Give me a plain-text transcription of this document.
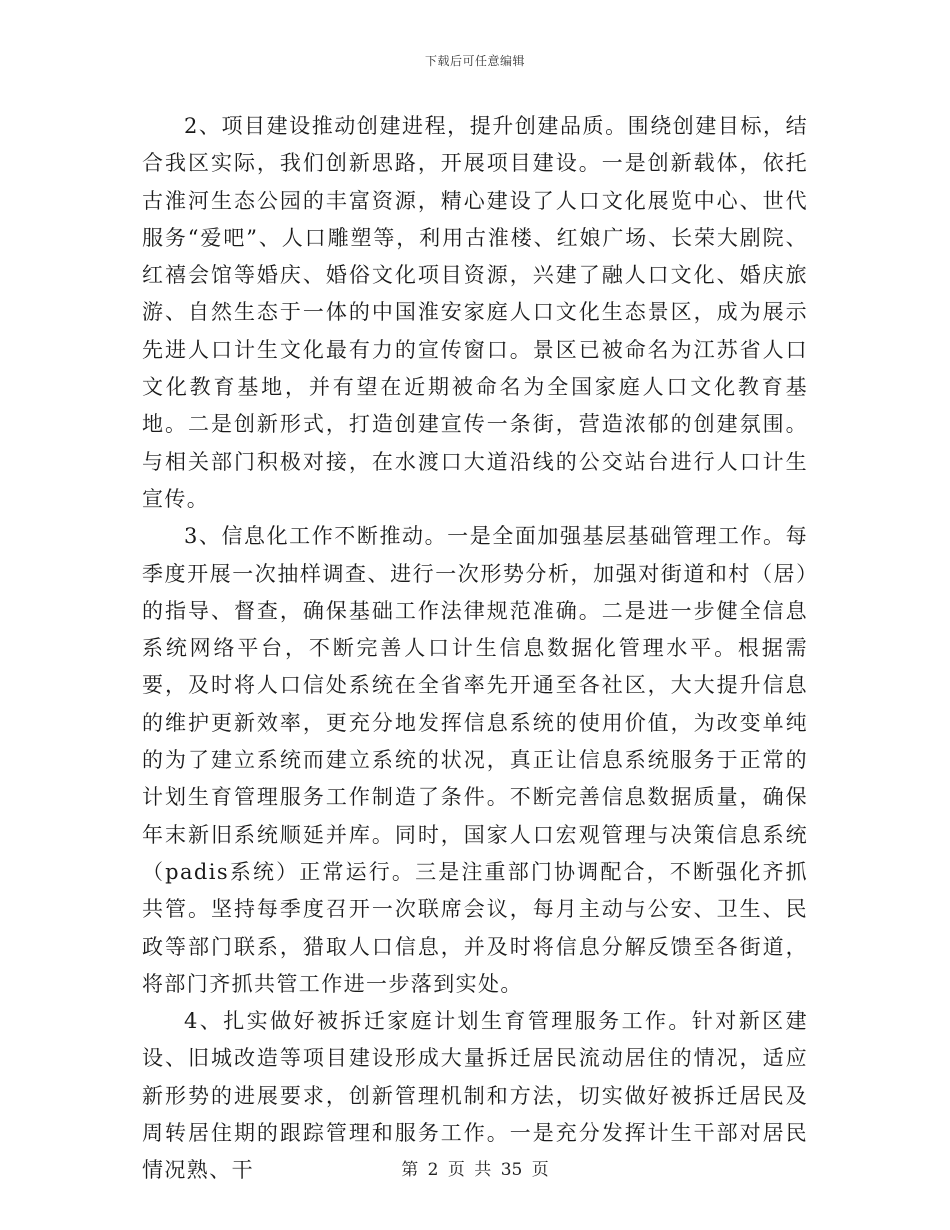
下载后可任意编辑

2、项目建设推动创建进程，提升创建品质。围绕创建目标，结合我区实际，我们创新思路，开展项目建设。一是创新载体，依托古淮河生态公园的丰富资源，精心建设了人口文化展览中心、世代服务“爱吧”、人口雕塑等，利用古淮楼、红娘广场、长荣大剧院、红禧会馆等婚庆、婚俗文化项目资源，兴建了融人口文化、婚庆旅游、自然生态于一体的中国淮安家庭人口文化生态景区，成为展示先进人口计生文化最有力的宣传窗口。景区已被命名为江苏省人口文化教育基地，并有望在近期被命名为全国家庭人口文化教育基地。二是创新形式，打造创建宣传一条街，营造浓郁的创建氛围。与相关部门积极对接，在水渡口大道沿线的公交站台进行人口计生宣传。

3、信息化工作不断推动。一是全面加强基层基础管理工作。每季度开展一次抽样调查、进行一次形势分析，加强对街道和村（居）的指导、督查，确保基础工作法律规范准确。二是进一步健全信息系统网络平台，不断完善人口计生信息数据化管理水平。根据需要，及时将人口信处系统在全省率先开通至各社区，大大提升信息的维护更新效率，更充分地发挥信息系统的使用价值，为改变单纯的为了建立系统而建立系统的状况，真正让信息系统服务于正常的计划生育管理服务工作制造了条件。不断完善信息数据质量，确保年末新旧系统顺延并库。同时，国家人口宏观管理与决策信息系统（padis系统）正常运行。三是注重部门协调配合，不断强化齐抓共管。坚持每季度召开一次联席会议，每月主动与公安、卫生、民政等部门联系，猎取人口信息，并及时将信息分解反馈至各街道，将部门齐抓共管工作进一步落到实处。

4、扎实做好被拆迁家庭计划生育管理服务工作。针对新区建设、旧城改造等项目建设形成大量拆迁居民流动居住的情况，适应新形势的进展要求，创新管理机制和方法，切实做好被拆迁居民及周转居住期的跟踪管理和服务工作。一是充分发挥计生干部对居民情况熟、干	第 2 页 共 35 页
